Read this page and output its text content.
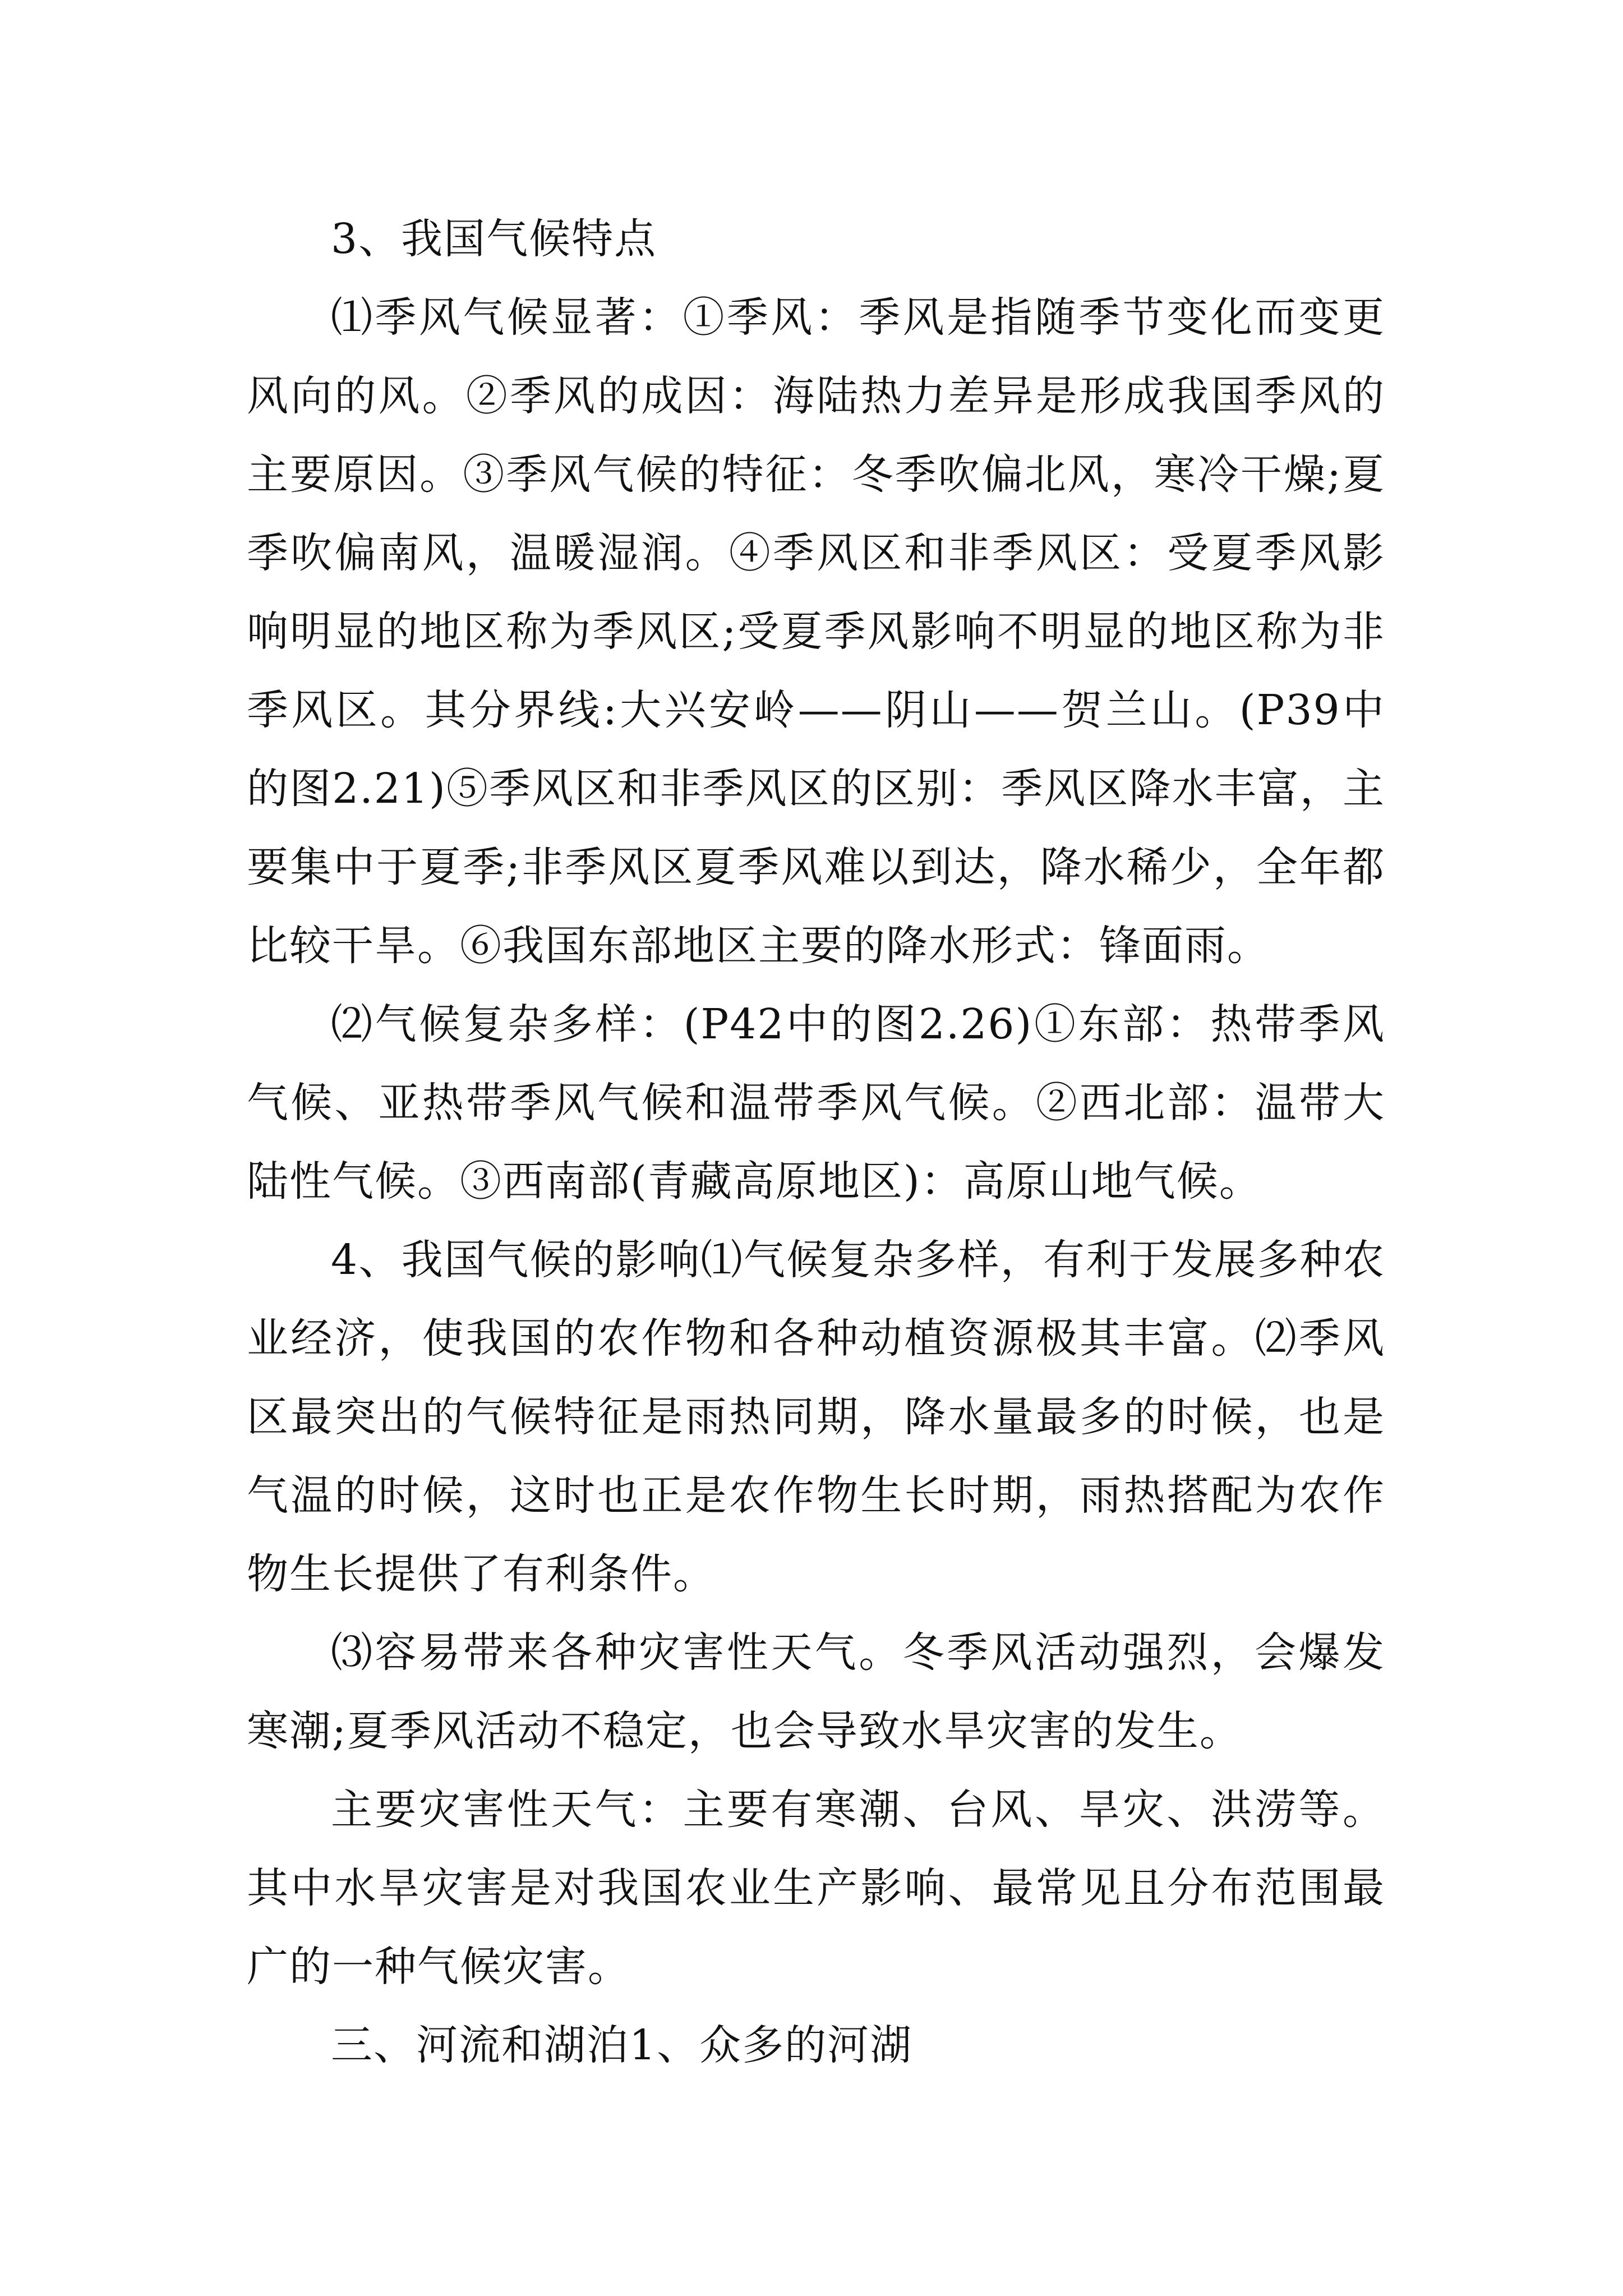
3、我国气候特点

⑴季风气候显著：①季风：季风是指随季节变化而变更风向的风。②季风的成因：海陆热力差异是形成我国季风的主要原因。③季风气候的特征：冬季吹偏北风，寒冷干燥;夏季吹偏南风，温暖湿润。④季风区和非季风区：受夏季风影响明显的地区称为季风区;受夏季风影响不明显的地区称为非季风区。其分界线:大兴安岭——阴山——贺兰山。(P39中的图2.21)⑤季风区和非季风区的区别：季风区降水丰富，主要集中于夏季;非季风区夏季风难以到达，降水稀少，全年都比较干旱。⑥我国东部地区主要的降水形式：锋面雨。

⑵气候复杂多样：(P42中的图2.26)①东部：热带季风气候、亚热带季风气候和温带季风气候。②西北部：温带大陆性气候。③西南部(青藏高原地区)：高原山地气候。

4、我国气候的影响⑴气候复杂多样，有利于发展多种农业经济，使我国的农作物和各种动植资源极其丰富。⑵季风区最突出的气候特征是雨热同期，降水量最多的时候，也是气温的时候，这时也正是农作物生长时期，雨热搭配为农作物生长提供了有利条件。

⑶容易带来各种灾害性天气。冬季风活动强烈，会爆发寒潮;夏季风活动不稳定，也会导致水旱灾害的发生。

主要灾害性天气：主要有寒潮、台风、旱灾、洪涝等。其中水旱灾害是对我国农业生产影响、最常见且分布范围最广的一种气候灾害。

三、河流和湖泊1、众多的河湖
